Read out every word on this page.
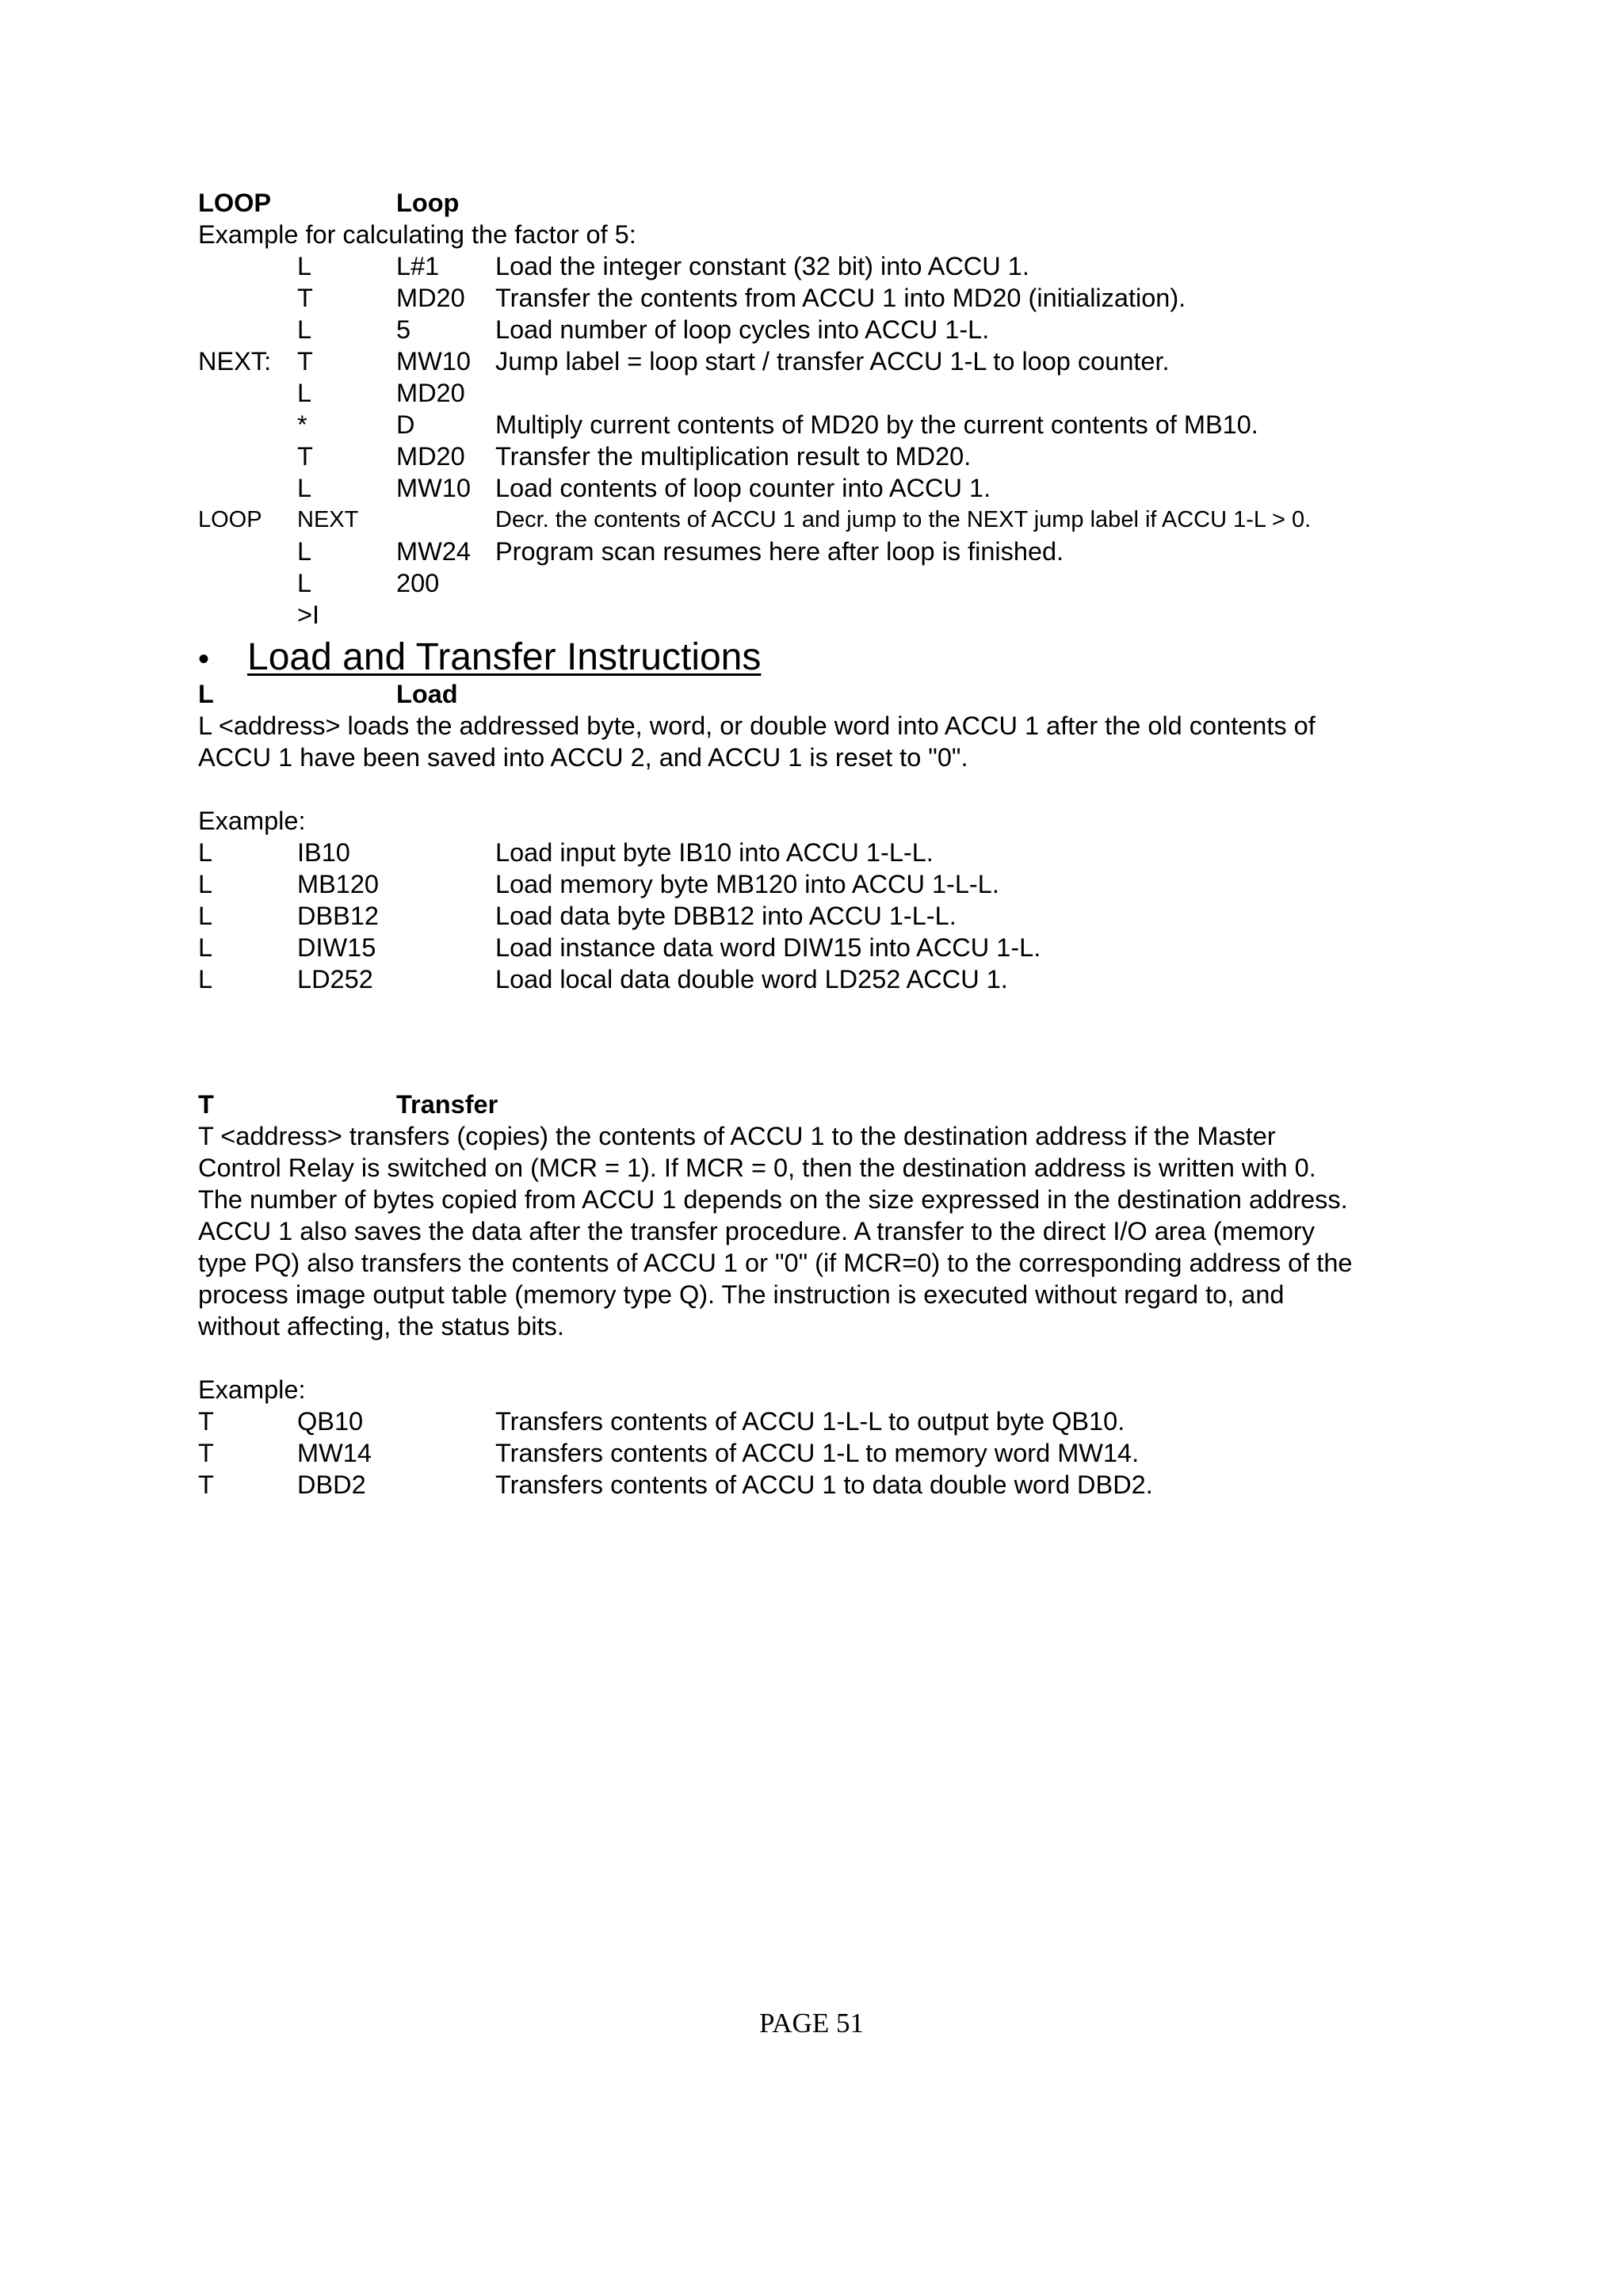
LOOP	Loop
Example for calculating the factor of 5:
L	L#1 Load the integer constant (32 bit) into ACCU 1.
T	MD20 Transfer the contents from ACCU 1 into MD20 (initialization).
L	5	Load number of loop cycles into ACCU 1-L.
NEXT: T	MW10 Jump label = loop start / transfer ACCU 1-L to loop counter.
L	MD20
*	D	Multiply current contents of MD20 by the current contents of MB10.
T	MD20 Transfer the multiplication result to MD20.
L	MW10 Load contents of loop counter into ACCU 1.
LOOP NEXT	Decr. the contents of ACCU 1 and jump to the NEXT jump label if ACCU 1-L > 0.
L	MW24 Program scan resumes here after loop is finished.
L	200
>I
• Load and Transfer Instructions
L	Load
L <address> loads the addressed byte, word, or double word into ACCU 1 after the old contents of
ACCU 1 have been saved into ACCU 2, and ACCU 1 is reset to "0".
Example:
L	IB10	Load input byte IB10 into ACCU 1-L-L.
L	MB120	Load memory byte MB120 into ACCU 1-L-L.
L	DBB12	Load data byte DBB12 into ACCU 1-L-L.
L	DIW15	Load instance data word DIW15 into ACCU 1-L.
L	LD252	Load local data double word LD252 ACCU 1.
T	Transfer
T <address> transfers (copies) the contents of ACCU 1 to the destination address if the Master
Control Relay is switched on (MCR = 1). If MCR = 0, then the destination address is written with 0.
The number of bytes copied from ACCU 1 depends on the size expressed in the destination address.
ACCU 1 also saves the data after the transfer procedure. A transfer to the direct I/O area (memory
type PQ) also transfers the contents of ACCU 1 or "0" (if MCR=0) to the corresponding address of the
process image output table (memory type Q). The instruction is executed without regard to, and
without affecting, the status bits.
Example:
T	QB10	Transfers contents of ACCU 1-L-L to output byte QB10.
T	MW14	Transfers contents of ACCU 1-L to memory word MW14.
T	DBD2	Transfers contents of ACCU 1 to data double word DBD2.
PAGE 51
